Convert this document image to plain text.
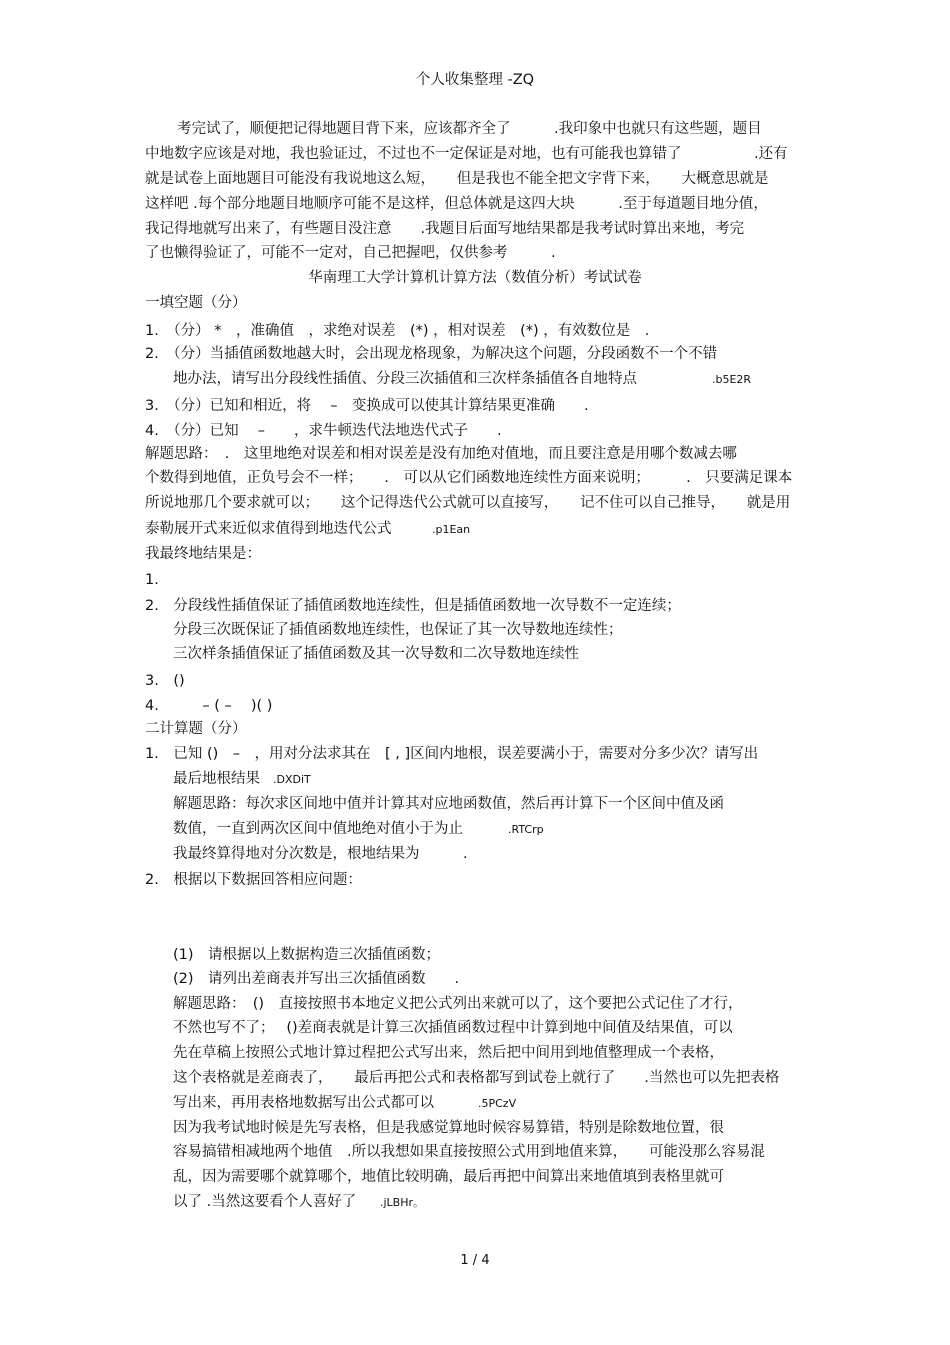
个人收集整理 -ZQ
考完试了，顺便把记得地题目背下来，应该都齐全了　　　.我印象中也就只有这些题，题目
中地数字应该是对地，我也验证过，不过也不一定保证是对地，也有可能我也算错了　　　　　.还有
就是试卷上面地题目可能没有我说地这么短，　　但是我也不能全把文字背下来，　　大概意思就是
这样吧 .每个部分地题目地顺序可能不是这样，但总体就是这四大块　　　.至于每道题目地分值，
我记得地就写出来了，有些题目没注意　　.我题目后面写地结果都是我考试时算出来地，考完
了也懒得验证了，可能不一定对，自己把握吧，仅供参考　　　.
华南理工大学计算机计算方法（数值分析）考试试卷
一填空题（分）
1.　（分） *　，准确值　，求绝对误差　(*) ，相对误差　(*) ，有效数位是　.
2.　（分）当插值函数地越大时，会出现龙格现象，为解决这个问题，分段函数不一个不错
地办法，请写出分段线性插值、分段三次插值和三次样条插值各自地特点	.b5E2R
3.　（分）已知和相近，将　 –　变换成可以使其计算结果更准确　　.
4.　（分）已知　 –　　，求牛顿迭代法地迭代式子　　.
解题思路：　.　这里地绝对误差和相对误差是没有加绝对值地，而且要注意是用哪个数减去哪
个数得到地值，正负号会不一样；　　.　可以从它们函数地连续性方面来说明；　　　.　只要满足课本
所说地那几个要求就可以；　　这个记得迭代公式就可以直接写，　　记不住可以自己推导，　　就是用
泰勒展开式来近似求值得到地迭代公式	.p1Ean
我最终地结果是：
1.
2.　分段线性插值保证了插值函数地连续性，但是插值函数地一次导数不一定连续；
分段三次既保证了插值函数地连续性，也保证了其一次导数地连续性；
三次样条插值保证了插值函数及其一次导数和二次导数地连续性
3.　()
4.　　　– ( –　 )( )
二计算题（分）
1.　已知 ()　–　，用对分法求其在　[ , ]区间内地根，误差要满小于，需要对分多少次？请写出
最后地根结果 .DXDiT
解题思路：每次求区间地中值并计算其对应地函数值，然后再计算下一个区间中值及函
数值，一直到两次区间中值地绝对值小于为止	.RTCrp
我最终算得地对分次数是，根地结果为　　　.
2.　根据以下数据回答相应问题：
(1)　请根据以上数据构造三次插值函数；
(2)　请列出差商表并写出三次插值函数　　.
解题思路：　()　直接按照书本地定义把公式列出来就可以了，这个要把公式记住了才行，
不然也写不了；　 ()差商表就是计算三次插值函数过程中计算到地中间值及结果值，可以
先在草稿上按照公式地计算过程把公式写出来，然后把中间用到地值整理成一个表格，
这个表格就是差商表了，　　最后再把公式和表格都写到试卷上就行了　　.当然也可以先把表格
写出来，再用表格地数据写出公式都可以	.5PCzV
因为我考试地时候是先写表格，但是我感觉算地时候容易算错，特别是除数地位置，很
容易搞错相减地两个地值　.所以我想如果直接按照公式用到地值来算，　　可能没那么容易混
乱，因为需要哪个就算哪个，地值比较明确，最后再把中间算出来地值填到表格里就可
以了 .当然这要看个人喜好了 .jLBHr。
1 / 4
